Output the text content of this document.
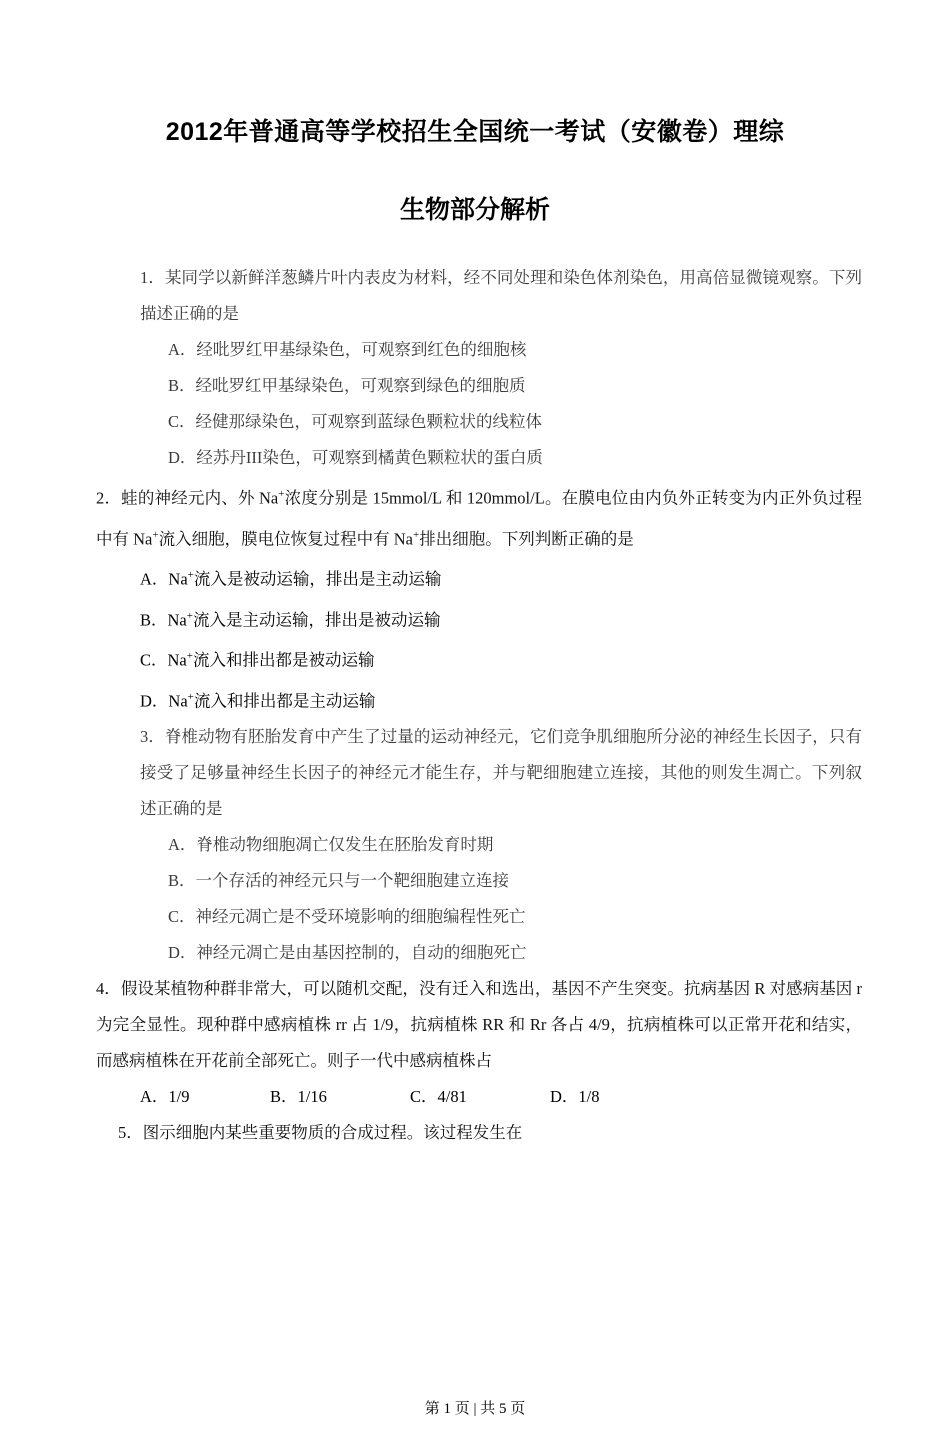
2012年普通高等学校招生全国统一考试（安徽卷）理综
生物部分解析
1．某同学以新鲜洋葱鳞片叶内表皮为材料，经不同处理和染色体剂染色，用高倍显微镜观察。下列描述正确的是
A．经吡罗红甲基绿染色，可观察到红色的细胞核
B．经吡罗红甲基绿染色，可观察到绿色的细胞质
C．经健那绿染色，可观察到蓝绿色颗粒状的线粒体
D．经苏丹III染色，可观察到橘黄色颗粒状的蛋白质
2．蛙的神经元内、外 Na+浓度分别是 15mmol/L 和 120mmol/L。在膜电位由内负外正转变为内正外负过程中有 Na+流入细胞，膜电位恢复过程中有 Na+排出细胞。下列判断正确的是
A．Na+流入是被动运输，排出是主动运输
B．Na+流入是主动运输，排出是被动运输
C．Na+流入和排出都是被动运输
D．Na+流入和排出都是主动运输
3．脊椎动物有胚胎发育中产生了过量的运动神经元，它们竞争肌细胞所分泌的神经生长因子，只有接受了足够量神经生长因子的神经元才能生存，并与靶细胞建立连接，其他的则发生凋亡。下列叙述正确的是
A．脊椎动物细胞凋亡仅发生在胚胎发育时期
B．一个存活的神经元只与一个靶细胞建立连接
C．神经元凋亡是不受环境影响的细胞编程性死亡
D．神经元凋亡是由基因控制的，自动的细胞死亡
4．假设某植物种群非常大，可以随机交配，没有迁入和选出，基因不产生突变。抗病基因 R 对感病基因 r 为完全显性。现种群中感病植株 rr 占 1/9，抗病植株 RR 和 Rr 各占 4/9，抗病植株可以正常开花和结实，而感病植株在开花前全部死亡。则子一代中感病植株占
A．1/9	B．1/16	C．4/81	D．1/8
5．图示细胞内某些重要物质的合成过程。该过程发生在
第 1 页 | 共 5 页
